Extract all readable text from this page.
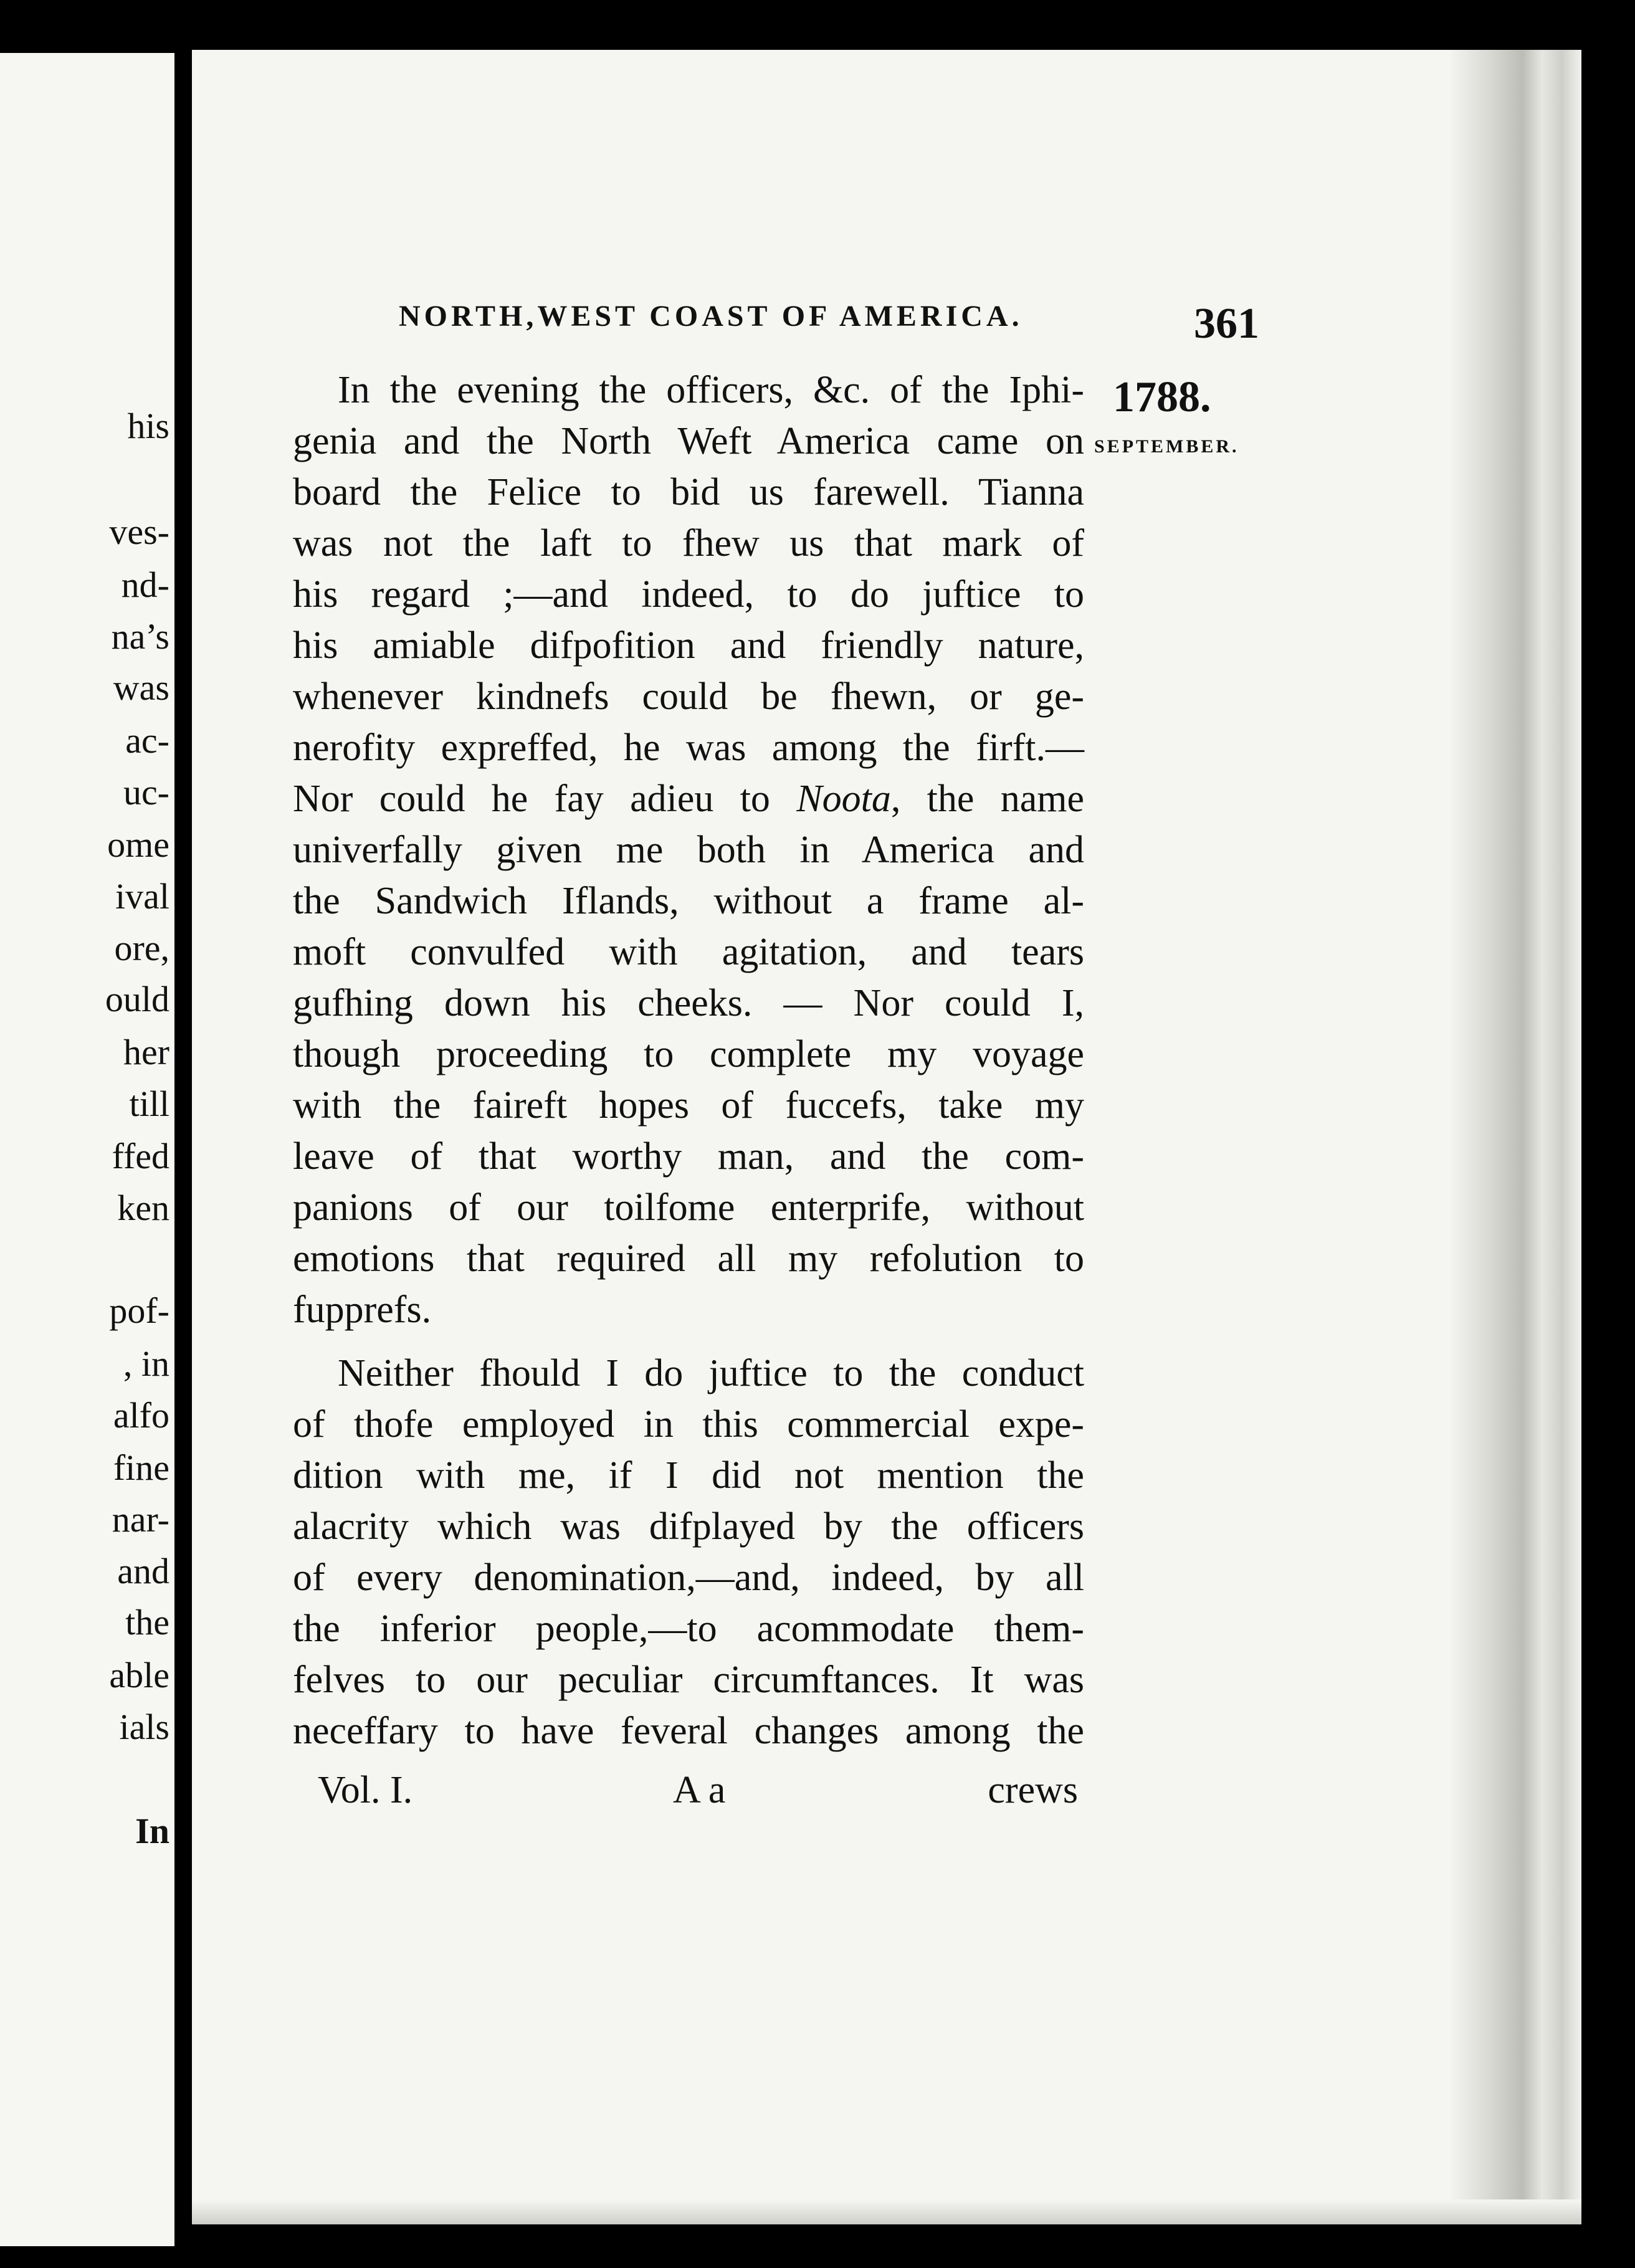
his
ves-
nd-
na’s
was
ac-
uc-
ome
ival
ore,
ould
her
till
ffed
ken
pof-
, in
alfo
fine
nar-
and
the
able
ials
In
NORTH,WEST COAST OF AMERICA.	361
1788.
SEPTEMBER.
In the evening the officers, &c. of the Iphi-
genia and the North Weft America came on
board the Felice to bid us farewell. Tianna
was not the laft to fhew us that mark of
his regard ;—and indeed, to do juftice to
his amiable difpofition and friendly nature,
whenever kindnefs could be fhewn, or ge-
nerofity expreffed, he was among the firft.—
Nor could he fay adieu to Noota, the name
univerfally given me both in America and
the Sandwich Iflands, without a frame al-
moft convulfed with agitation, and tears
gufhing down his cheeks. — Nor could I,
though proceeding to complete my voyage
with the faireft hopes of fuccefs, take my
leave of that worthy man, and the com-
panions of our toilfome enterprife, without
emotions that required all my refolution to
fupprefs.
Neither fhould I do juftice to the conduct
of thofe employed in this commercial expe-
dition with me, if I did not mention the
alacrity which was difplayed by the officers
of every denomination,—and, indeed, by all
the inferior people,—to acommodate them-
felves to our peculiar circumftances. It was
neceffary to have feveral changes among the
Vol. I.	A a	crews
